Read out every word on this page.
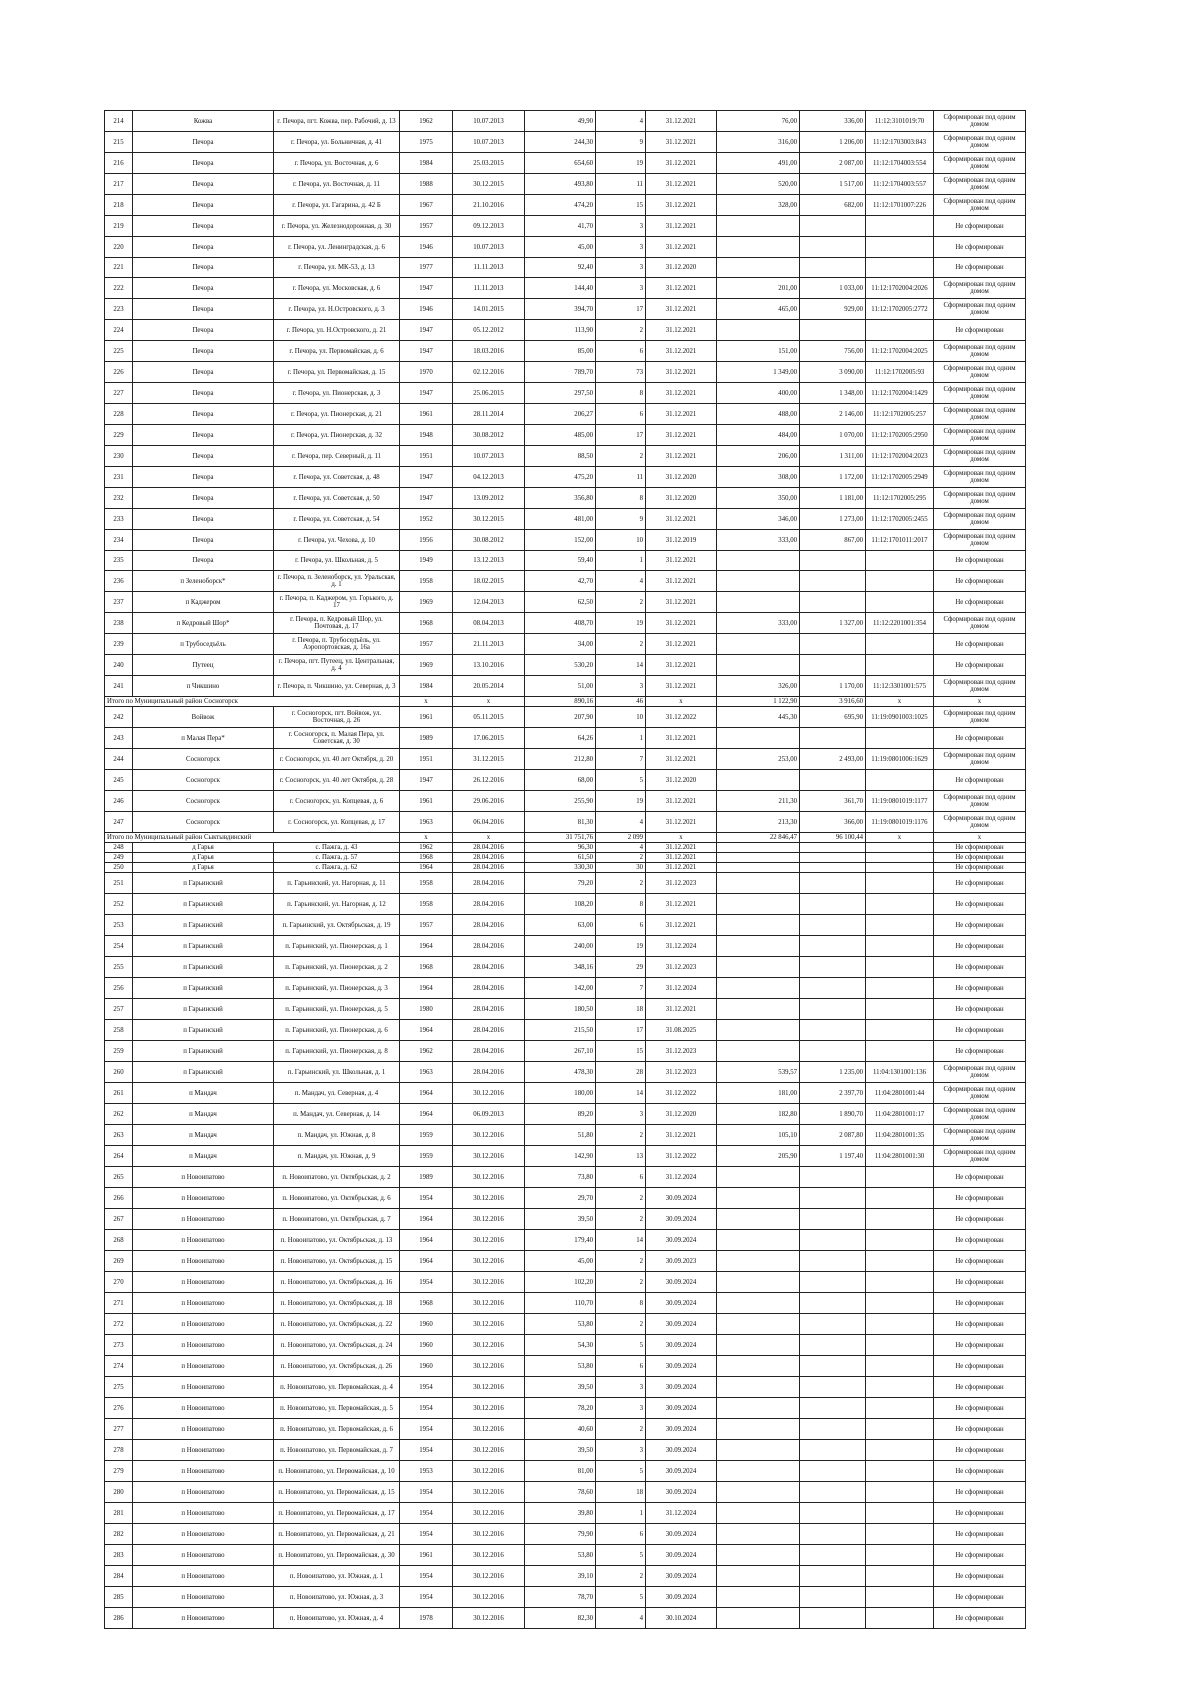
214	Кожва	г. Печора, пгт. Кожва, пер. Рабочий, д. 13	1962	10.07.2013	49,90	4	31.12.2021	76,00	336,00	11:12:3101019:70	Сформирован под одним домом
215	Печора	г. Печора, ул. Больничная, д. 41	1975	10.07.2013	244,30	9	31.12.2021	316,00	1 206,00	11:12:1703003:843	Сформирован под одним домом
216	Печора	г. Печора, ул. Восточная, д. 6	1984	25.03.2015	654,60	19	31.12.2021	491,00	2 087,00	11:12:1704003:554	Сформирован под одним домом
217	Печора	г. Печора, ул. Восточная, д. 11	1988	30.12.2015	493,80	11	31.12.2021	520,00	1 517,00	11:12:1704003:557	Сформирован под одним домом
218	Печора	г. Печора, ул. Гагарина, д. 42 Б	1967	21.10.2016	474,20	15	31.12.2021	328,00	682,00	11:12:1701007:226	Сформирован под одним домом
219	Печора	г. Печора, ул. Железнодорожная, д. 30	1957	09.12.2013	41,70	3	31.12.2021				Не сформирован
220	Печора	г. Печора, ул. Ленинградская, д. 6	1946	10.07.2013	45,00	3	31.12.2021				Не сформирован
221	Печора	г. Печора, ул. МК-53, д. 13	1977	11.11.2013	92,40	3	31.12.2020				Не сформирован
222	Печора	г. Печора, ул. Московская, д. 6	1947	11.11.2013	144,40	3	31.12.2021	201,00	1 033,00	11:12:1702004:2026	Сформирован под одним домом
223	Печора	г. Печора, ул. Н.Островского, д. 3	1946	14.01.2015	394,70	17	31.12.2021	465,00	929,00	11:12:1702005:2772	Сформирован под одним домом
224	Печора	г. Печора, ул. Н.Островского, д. 21	1947	05.12.2012	113,90	2	31.12.2021				Не сформирован
225	Печора	г. Печора, ул. Первомайская, д. 6	1947	18.03.2016	85,00	6	31.12.2021	151,00	756,00	11:12:1702004:2025	Сформирован под одним домом
226	Печора	г. Печора, ул. Первомайская, д. 15	1970	02.12.2016	789,70	73	31.12.2021	1 349,00	3 090,00	11:12:1702005:93	Сформирован под одним домом
227	Печора	г. Печора, ул. Пионерская, д. 3	1947	25.06.2015	297,50	8	31.12.2021	400,00	1 348,00	11:12:1702004:1429	Сформирован под одним домом
228	Печора	г. Печора, ул. Пионерская, д. 21	1961	28.11.2014	206,27	6	31.12.2021	488,00	2 146,00	11:12:1702005:257	Сформирован под одним домом
229	Печора	г. Печора, ул. Пионерская, д. 32	1948	30.08.2012	485,00	17	31.12.2021	484,00	1 070,00	11:12:1702005:2950	Сформирован под одним домом
230	Печора	г. Печора, пер. Северный, д. 11	1951	10.07.2013	88,50	2	31.12.2021	206,00	1 311,00	11:12:1702004:2023	Сформирован под одним домом
231	Печора	г. Печора, ул. Советская, д. 48	1947	04.12.2013	475,20	11	31.12.2020	308,00	1 172,00	11:12:1702005:2949	Сформирован под одним домом
232	Печора	г. Печора, ул. Советская, д. 50	1947	13.09.2012	356,80	8	31.12.2020	350,00	1 181,00	11:12:1702005:295	Сформирован под одним домом
233	Печора	г. Печора, ул. Советская, д. 54	1952	30.12.2015	481,00	9	31.12.2021	346,00	1 273,00	11:12:1702005:2455	Сформирован под одним домом
234	Печора	г. Печора, ул. Чехова, д. 10	1956	30.08.2012	152,00	10	31.12.2019	333,00	867,00	11:12:1701011:2017	Сформирован под одним домом
235	Печора	г. Печора, ул. Школьная, д. 5	1949	13.12.2013	59,40	1	31.12.2021				Не сформирован
236	п Зеленоборск*	г. Печора, п. Зеленоборск, ул. Уральская, д. 1	1958	18.02.2015	42,70	4	31.12.2021				Не сформирован
237	п Каджером	г. Печора, п. Каджером, ул. Горького, д. 17	1969	12.04.2013	62,50	2	31.12.2021				Не сформирован
238	п Кедровый Шор*	г. Печора, п. Кедровый Шор, ул. Почтовая, д. 17	1968	08.04.2013	408,70	19	31.12.2021	333,00	1 327,00	11:12:2201001:354	Сформирован под одним домом
239	п Трубоседъёль	г. Печора, п. Трубоседъёль, ул. Аэропортовская, д. 16а	1957	21.11.2013	34,00	2	31.12.2021				Не сформирован
240	Путеец	г. Печора, пгт. Путеец, ул. Центральная, д. 4	1969	13.10.2016	530,20	14	31.12.2021				Не сформирован
241	п Чикшино	г. Печора, п. Чикшино, ул. Северная, д. 3	1984	20.05.2014	51,00	3	31.12.2021	326,00	1 170,00	11:12:3301001:575	Сформирован под одним домом
Итого по Муниципальный район Сосногорск			x	x	890,16	46	x	1 122,90	3 916,60	x	x
242	Войвож	г. Сосногорск, пгт. Войвож, ул. Восточная, д. 26	1961	05.11.2015	207,90	10	31.12.2022	445,30	695,90	11:19:0901003:1025	Сформирован под одним домом
243	п Малая Пера*	г. Сосногорск, п. Малая Пера, ул. Советская, д. 30	1989	17.06.2015	64,26	1	31.12.2021				Не сформирован
244	Сосногорск	г. Сосногорск, ул. 40 лет Октября, д. 20	1951	31.12.2015	212,80	7	31.12.2021	253,00	2 493,00	11:19:0801006:1629	Сформирован под одним домом
245	Сосногорск	г. Сосногорск, ул. 40 лет Октября, д. 28	1947	26.12.2016	68,00	5	31.12.2020				Не сформирован
246	Сосногорск	г. Сосногорск, ул. Копцевая, д. 6	1961	29.06.2016	255,90	19	31.12.2021	211,30	361,70	11:19:0801019:1177	Сформирован под одним домом
247	Сосногорск	г. Сосногорск, ул. Копцевая, д. 17	1963	06.04.2016	81,30	4	31.12.2021	213,30	366,00	11:19:0801019:1176	Сформирован под одним домом
Итого по Муниципальный район Сыктывдинский			x	x	31 751,76	2 099	x	22 846,47	96 100,44	x	x
248	д Гарья	с. Пажга, д. 43	1962	28.04.2016	96,30	4	31.12.2021				Не сформирован
249	д Гарья	с. Пажга, д. 57	1968	28.04.2016	61,50	2	31.12.2021				Не сформирован
250	д Гарья	с. Пажга, д. 62	1964	28.04.2016	330,30	30	31.12.2021				Не сформирован
251	п Гарьинский	п. Гарьинский, ул. Нагорная, д. 11	1958	28.04.2016	79,20	2	31.12.2023				Не сформирован
252	п Гарьинский	п. Гарьинский, ул. Нагорная, д. 12	1958	28.04.2016	108,20	8	31.12.2021				Не сформирован
253	п Гарьинский	п. Гарьинский, ул. Октябрьская, д. 19	1957	28.04.2016	63,00	6	31.12.2021				Не сформирован
254	п Гарьинский	п. Гарьинский, ул. Пионерская, д. 1	1964	28.04.2016	240,00	19	31.12.2024				Не сформирован
255	п Гарьинский	п. Гарьинский, ул. Пионерская, д. 2	1968	28.04.2016	348,16	29	31.12.2023				Не сформирован
256	п Гарьинский	п. Гарьинский, ул. Пионерская, д. 3	1964	28.04.2016	142,00	7	31.12.2024				Не сформирован
257	п Гарьинский	п. Гарьинский, ул. Пионерская, д. 5	1980	28.04.2016	180,50	18	31.12.2021				Не сформирован
258	п Гарьинский	п. Гарьинский, ул. Пионерская, д. 6	1964	28.04.2016	215,50	17	31.08.2025				Не сформирован
259	п Гарьинский	п. Гарьинский, ул. Пионерская, д. 8	1962	28.04.2016	267,10	15	31.12.2023				Не сформирован
260	п Гарьинский	п. Гарьинский, ул. Школьная, д. 1	1963	28.04.2016	478,30	28	31.12.2023	539,57	1 235,00	11:04:1301001:136	Сформирован под одним домом
261	п Мандач	п. Мандач, ул. Северная, д. 4	1964	30.12.2016	180,00	14	31.12.2022	181,00	2 397,70	11:04:2801001:44	Сформирован под одним домом
262	п Мандач	п. Мандач, ул. Северная, д. 14	1964	06.09.2013	89,20	3	31.12.2020	182,80	1 890,70	11:04:2801001:17	Сформирован под одним домом
263	п Мандач	п. Мандач, ул. Южная, д. 8	1959	30.12.2016	51,80	2	31.12.2021	105,10	2 087,80	11:04:2801001:35	Сформирован под одним домом
264	п Мандач	п. Мандач, ул. Южная, д. 9	1959	30.12.2016	142,90	13	31.12.2022	205,90	1 197,40	11:04:2801001:30	Сформирован под одним домом
265	п Новоипатово	п. Новоипатово, ул. Октябрьская, д. 2	1989	30.12.2016	73,80	6	31.12.2024				Не сформирован
266	п Новоипатово	п. Новоипатово, ул. Октябрьская, д. 6	1954	30.12.2016	29,70	2	30.09.2024				Не сформирован
267	п Новоипатово	п. Новоипатово, ул. Октябрьская, д. 7	1964	30.12.2016	39,50	2	30.09.2024				Не сформирован
268	п Новоипатово	п. Новоипатово, ул. Октябрьская, д. 13	1964	30.12.2016	179,40	14	30.09.2024				Не сформирован
269	п Новоипатово	п. Новоипатово, ул. Октябрьская, д. 15	1964	30.12.2016	45,00	2	30.09.2023				Не сформирован
270	п Новоипатово	п. Новоипатово, ул. Октябрьская, д. 16	1954	30.12.2016	102,20	2	30.09.2024				Не сформирован
271	п Новоипатово	п. Новоипатово, ул. Октябрьская, д. 18	1968	30.12.2016	110,70	8	30.09.2024				Не сформирован
272	п Новоипатово	п. Новоипатово, ул. Октябрьская, д. 22	1960	30.12.2016	53,80	2	30.09.2024				Не сформирован
273	п Новоипатово	п. Новоипатово, ул. Октябрьская, д. 24	1960	30.12.2016	54,30	5	30.09.2024				Не сформирован
274	п Новоипатово	п. Новоипатово, ул. Октябрьская, д. 26	1960	30.12.2016	53,80	6	30.09.2024				Не сформирован
275	п Новоипатово	п. Новоипатово, ул. Первомайская, д. 4	1954	30.12.2016	39,50	3	30.09.2024				Не сформирован
276	п Новоипатово	п. Новоипатово, ул. Первомайская, д. 5	1954	30.12.2016	78,20	3	30.09.2024				Не сформирован
277	п Новоипатово	п. Новоипатово, ул. Первомайская, д. 6	1954	30.12.2016	40,60	2	30.09.2024				Не сформирован
278	п Новоипатово	п. Новоипатово, ул. Первомайская, д. 7	1954	30.12.2016	39,50	3	30.09.2024				Не сформирован
279	п Новоипатово	п. Новоипатово, ул. Первомайская, д. 10	1953	30.12.2016	81,00	5	30.09.2024				Не сформирован
280	п Новоипатово	п. Новоипатово, ул. Первомайская, д. 15	1954	30.12.2016	78,60	18	30.09.2024				Не сформирован
281	п Новоипатово	п. Новоипатово, ул. Первомайская, д. 17	1954	30.12.2016	39,80	1	31.12.2024				Не сформирован
282	п Новоипатово	п. Новоипатово, ул. Первомайская, д. 21	1954	30.12.2016	79,90	6	30.09.2024				Не сформирован
283	п Новоипатово	п. Новоипатово, ул. Первомайская, д. 30	1961	30.12.2016	53,80	5	30.09.2024				Не сформирован
284	п Новоипатово	п. Новоипатово, ул. Южная, д. 1	1954	30.12.2016	39,10	2	30.09.2024				Не сформирован
285	п Новоипатово	п. Новоипатово, ул. Южная, д. 3	1954	30.12.2016	78,70	5	30.09.2024				Не сформирован
286	п Новоипатово	п. Новоипатово, ул. Южная, д. 4	1978	30.12.2016	82,30	4	30.10.2024				Не сформирован
